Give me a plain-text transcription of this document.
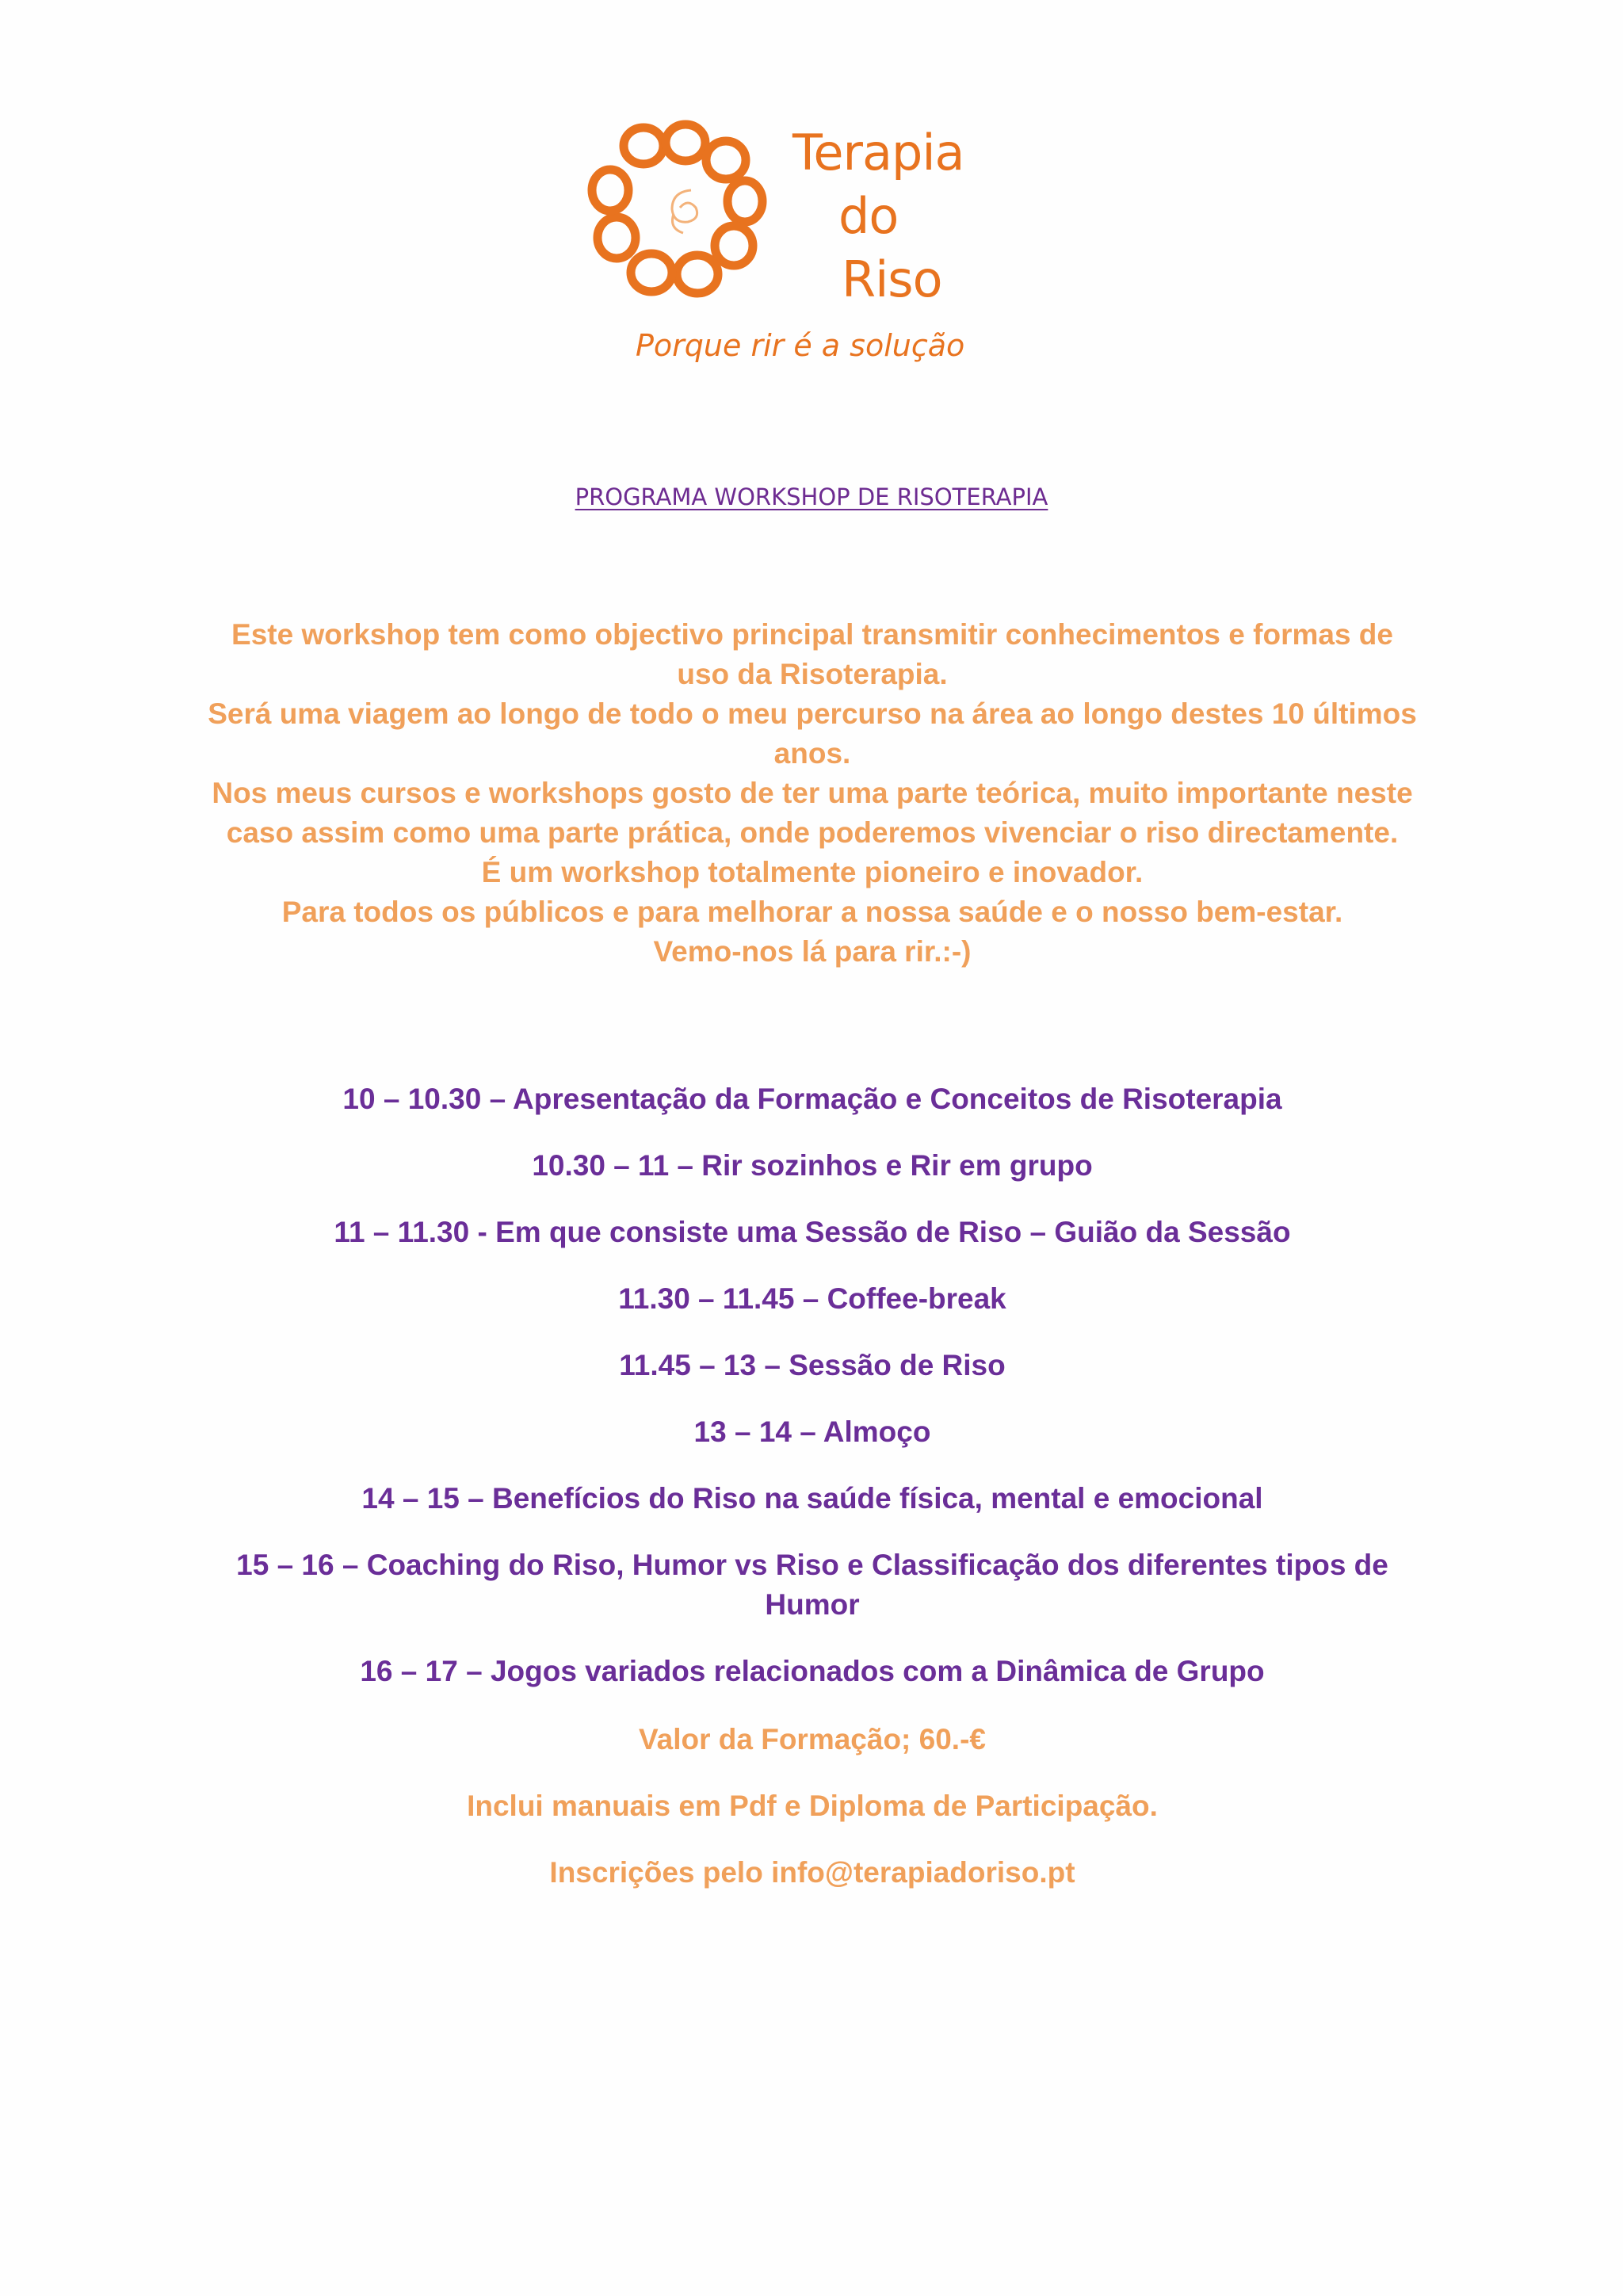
Terapia
do
Riso
Porque rir é a solução
PROGRAMA WORKSHOP DE RISOTERAPIA

Este workshop tem como objectivo principal transmitir conhecimentos e formas de uso da Risoterapia.

Será uma viagem ao longo de todo o meu percurso na área ao longo destes 10 últimos anos.

Nos meus cursos e workshops gosto de ter uma parte teórica, muito importante neste caso assim como uma parte prática, onde poderemos vivenciar o riso directamente.

É um workshop totalmente pioneiro e inovador.

Para todos os públicos e para melhorar a nossa saúde e o nosso bem-estar.

Vemo-nos lá para rir.:-)

10 – 10.30 – Apresentação da Formação e Conceitos de Risoterapia
10.30 – 11 – Rir sozinhos e Rir em grupo
11 – 11.30 - Em que consiste uma Sessão de Riso – Guião da Sessão
11.30 – 11.45 – Coffee-break
11.45 – 13 – Sessão de Riso
13 – 14 – Almoço
14 – 15 – Benefícios do Riso na saúde física, mental e emocional
15 – 16 – Coaching do Riso, Humor vs Riso e Classificação dos diferentes tipos de Humor
16 – 17 – Jogos variados relacionados com a Dinâmica de Grupo
Valor da Formação; 60.-€
Inclui manuais em Pdf e Diploma de Participação.
Inscrições pelo info@terapiadoriso.pt
